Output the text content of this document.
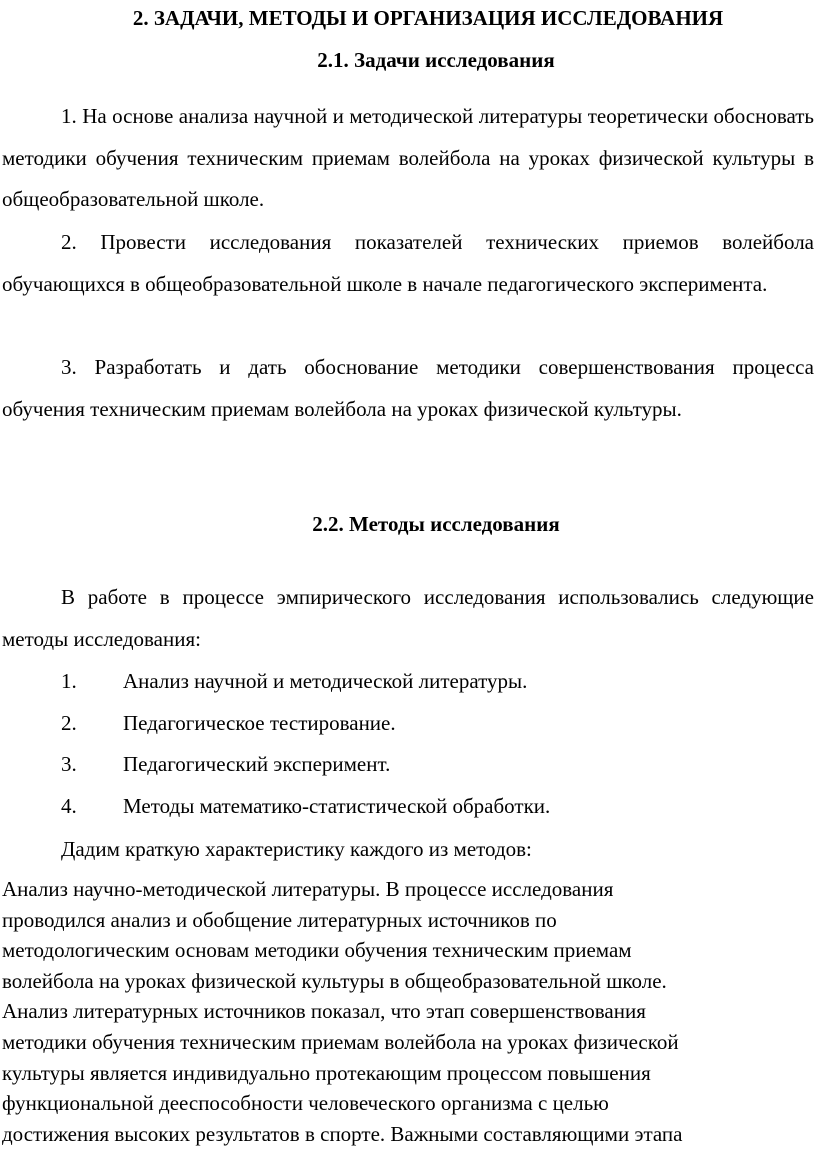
2. ЗАДАЧИ, МЕТОДЫ И ОРГАНИЗАЦИЯ ИССЛЕДОВАНИЯ
2.1. Задачи исследования

1. На основе анализа научной и методической литературы теоретически обосновать методики обучения техническим приемам волейбола на уроках физической культуры в общеобразовательной школе.

2. Провести исследования показателей технических приемов волейбола обучающихся в общеобразовательной школе в начале педагогического эксперимента.

3. Разработать и дать обоснование методики совершенствования процесса обучения техническим приемам волейбола на уроках физической культуры.

2.2. Методы исследования

В работе в процессе эмпирического исследования использовались следующие методы исследования:

1. Анализ научной и методической литературы.
2. Педагогическое тестирование.
3. Педагогический эксперимент.
4. Методы математико-статистической обработки.

Дадим краткую характеристику каждого из методов:

Анализ научно-методической литературы. В процессе исследования
проводился анализ и обобщение литературных источников по
методологическим основам методики обучения техническим приемам
волейбола на уроках физической культуры в общеобразовательной школе.
Анализ литературных источников показал, что этап совершенствования
методики обучения техническим приемам волейбола на уроках физической
культуры является индивидуально протекающим процессом повышения
функциональной дееспособности человеческого организма с целью
достижения высоких результатов в спорте. Важными составляющими этапа
